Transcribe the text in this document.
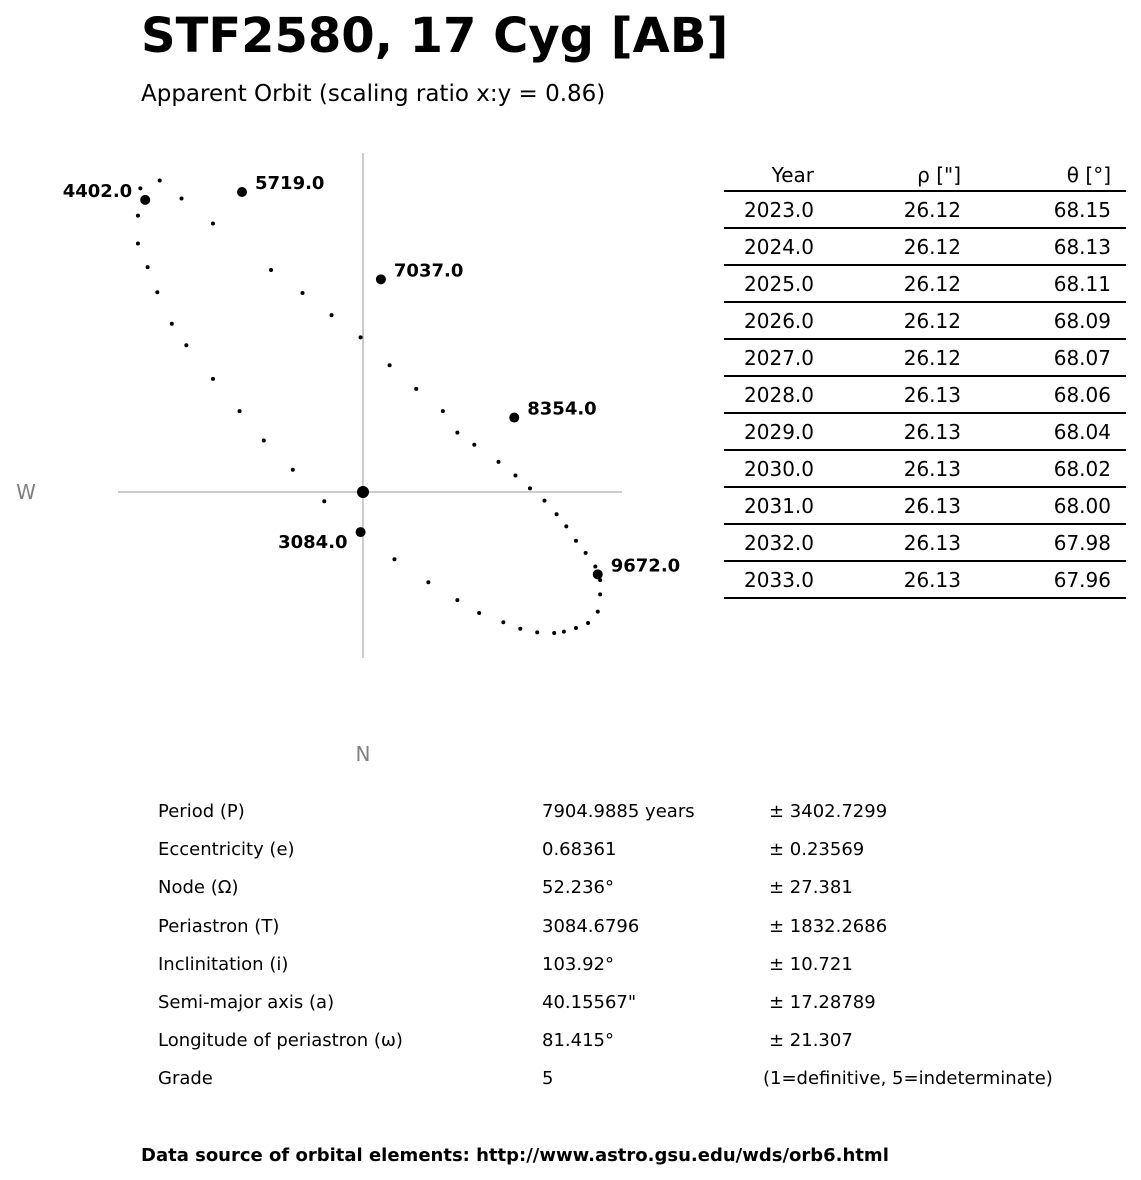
STF2580, 17 Cyg [AB]
Apparent Orbit (scaling ratio x:y = 0.86)
3084.0
4402.0	5719.0
7037.0
8354.0
9672.0
W
N
Year	ρ ["]	θ [°]
2023.0	26.12	68.15
2024.0	26.12	68.13
2025.0	26.12	68.11
2026.0	26.12	68.09
2027.0	26.12	68.07
2028.0	26.13	68.06
2029.0	26.13	68.04
2030.0	26.13	68.02
2031.0	26.13	68.00
2032.0	26.13	67.98
2033.0	26.13	67.96
Period (P)	7904.9885 years	± 3402.7299
Eccentricity (e)	0.68361	± 0.23569
Node (Ω)	52.236°	± 27.381
Periastron (T)	3084.6796	± 1832.2686
Inclinitation (i)	103.92°	± 10.721
Semi-major axis (a)	40.15567"	± 17.28789
Longitude of periastron (ω)	81.415°	± 21.307
Grade	5	(1=definitive, 5=indeterminate)
Data source of orbital elements: http://www.astro.gsu.edu/wds/orb6.html
